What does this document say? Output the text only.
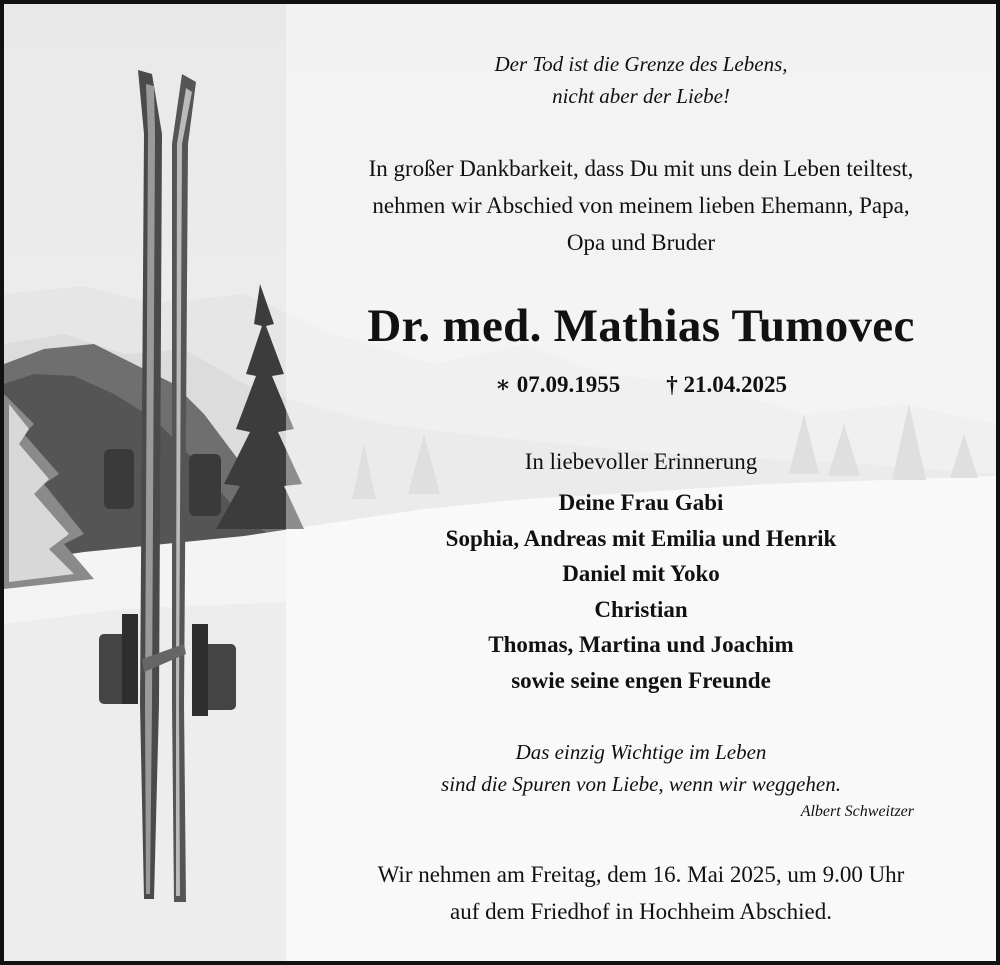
Der Tod ist die Grenze des Lebens,
nicht aber der Liebe!
In großer Dankbarkeit, dass Du mit uns dein Leben teiltest,
nehmen wir Abschied von meinem lieben Ehemann, Papa,
Opa und Bruder
Dr. med. Mathias Tumovec
∗ 07.09.1955 † 21.04.2025
In liebevoller Erinnerung
Deine Frau Gabi
Sophia, Andreas mit Emilia und Henrik
Daniel mit Yoko
Christian
Thomas, Martina und Joachim
sowie seine engen Freunde
Das einzig Wichtige im Leben
sind die Spuren von Liebe, wenn wir weggehen.
Albert Schweitzer
Wir nehmen am Freitag, dem 16. Mai 2025, um 9.00 Uhr
auf dem Friedhof in Hochheim Abschied.
